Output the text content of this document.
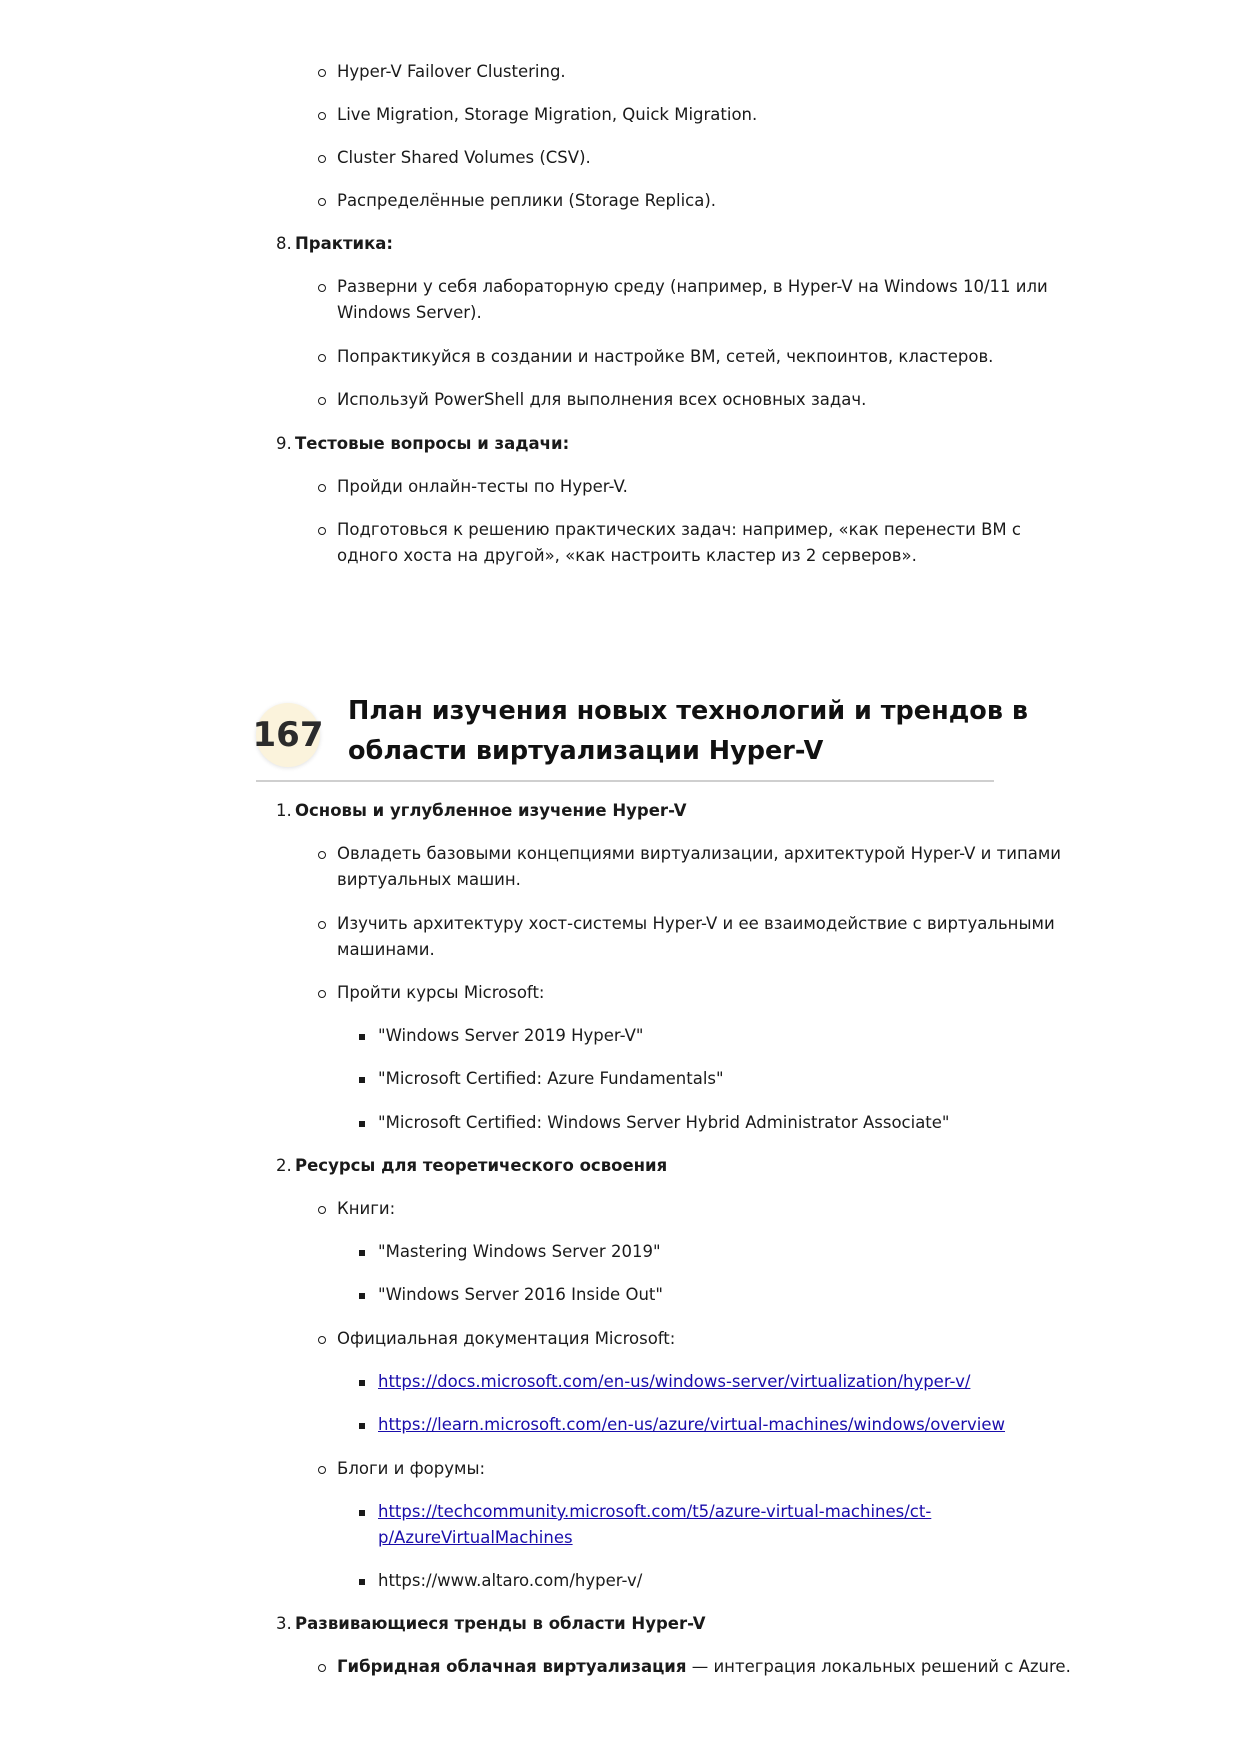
Hyper-V Failover Clustering.
Live Migration, Storage Migration, Quick Migration.
Cluster Shared Volumes (CSV).
Распределённые реплики (Storage Replica).
8. Практика:
Разверни у себя лабораторную среду (например, в Hyper-V на Windows 10/11 или
Windows Server).
Попрактикуйся в создании и настройке ВМ, сетей, чекпоинтов, кластеров.
Используй PowerShell для выполнения всех основных задач.
9. Тестовые вопросы и задачи:
Пройди онлайн-тесты по Hyper-V.
Подготовься к решению практических задач: например, «как перенести ВМ с
одного хоста на другой», «как настроить кластер из 2 серверов».
167
План изучения новых технологий и трендов в
области виртуализации Hyper-V
1. Основы и углубленное изучение Hyper-V
Овладеть базовыми концепциями виртуализации, архитектурой Hyper-V и типами
виртуальных машин.
Изучить архитектуру хост-системы Hyper-V и ее взаимодействие с виртуальными
машинами.
Пройти курсы Microsoft:
"Windows Server 2019 Hyper-V"
"Microsoft Certified: Azure Fundamentals"
"Microsoft Certified: Windows Server Hybrid Administrator Associate"
2. Ресурсы для теоретического освоения
Книги:
"Mastering Windows Server 2019"
"Windows Server 2016 Inside Out"
Официальная документация Microsoft:
https://docs.microsoft.com/en-us/windows-server/virtualization/hyper-v/
https://learn.microsoft.com/en-us/azure/virtual-machines/windows/overview
Блоги и форумы:
https://techcommunity.microsoft.com/t5/azure-virtual-machines/ct-
p/AzureVirtualMachines
https://www.altaro.com/hyper-v/
3. Развивающиеся тренды в области Hyper-V
Гибридная облачная виртуализация — интеграция локальных решений с Azure.
